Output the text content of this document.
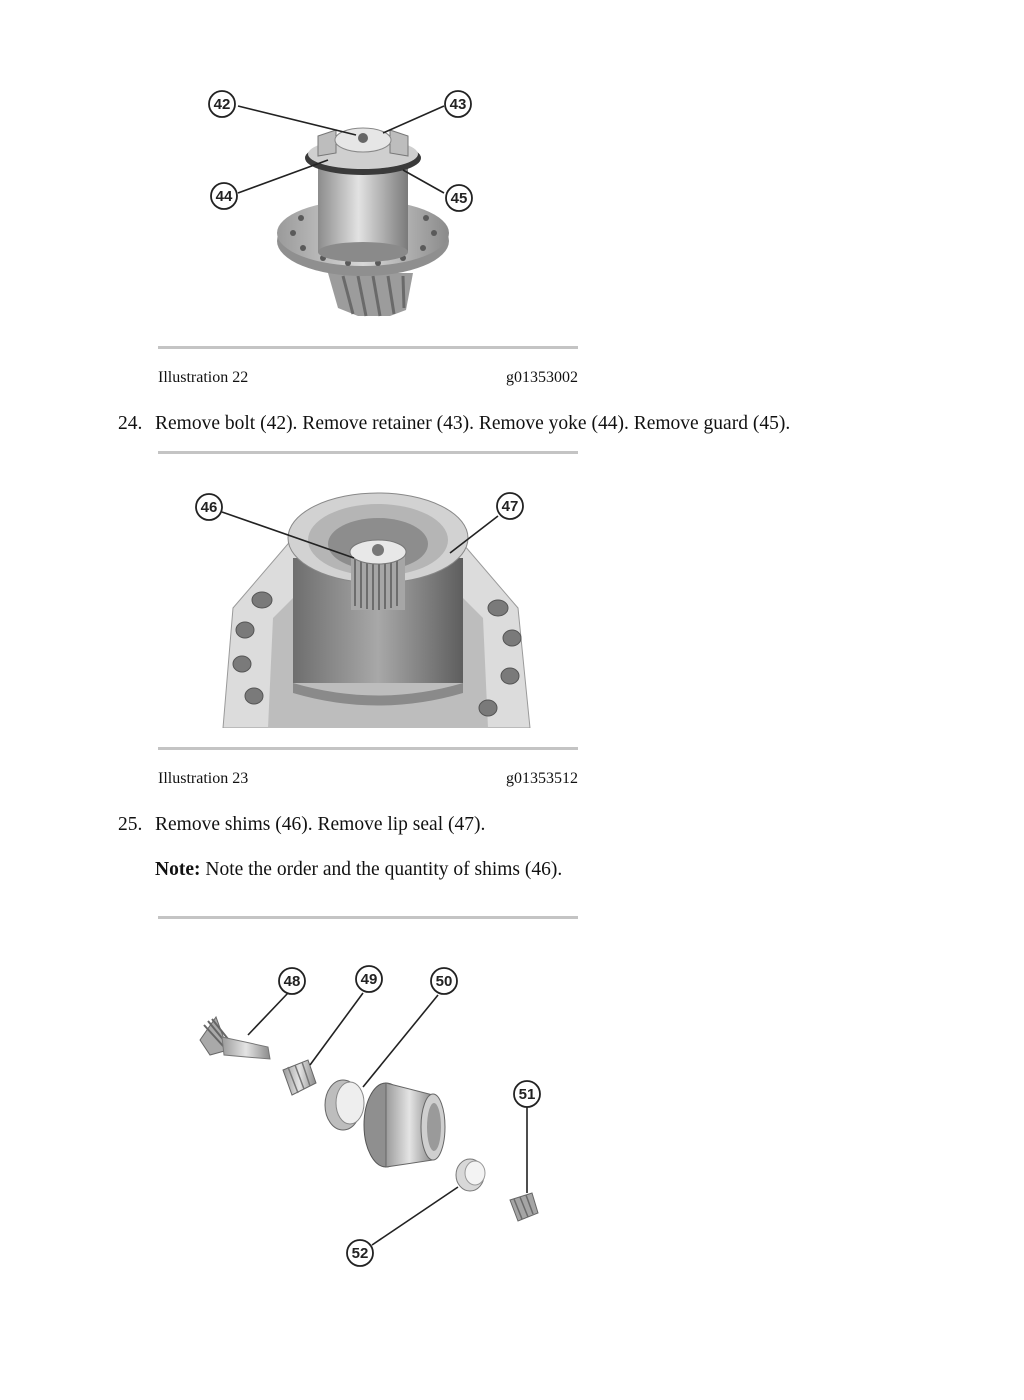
42	43
44	45
Illustration 22	g01353002
24. Remove bolt (42). Remove retainer (43). Remove yoke (44). Remove guard (45).
46	47
Illustration 23	g01353512
25. Remove shims (46). Remove lip seal (47).
Note: Note the order and the quantity of shims (46).
48	49	50
51
52
